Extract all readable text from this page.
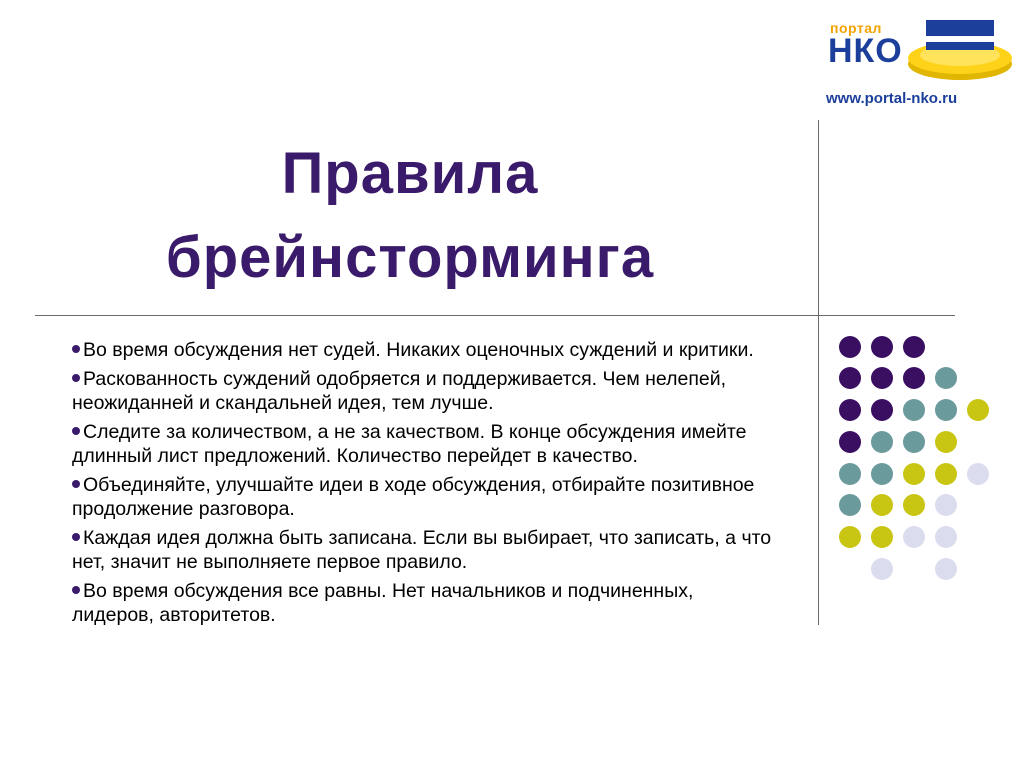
портал
НКО
www.portal-nko.ru
Правила
брейнсторминга
Во время обсуждения нет судей. Никаких оценочных суждений и критики.
Раскованность суждений одобряется и поддерживается. Чем нелепей, неожиданней и скандальней идея, тем лучше.
Следите за количеством, а не за качеством. В конце обсуждения имейте длинный лист предложений. Количество перейдет в качество.
Объединяйте, улучшайте идеи в ходе обсуждения, отбирайте позитивное продолжение разговора.
Каждая идея должна быть записана. Если вы выбирает, что записать, а что нет, значит не выполняете первое правило.
Во время обсуждения все равны. Нет начальников и подчиненных, лидеров, авторитетов.
